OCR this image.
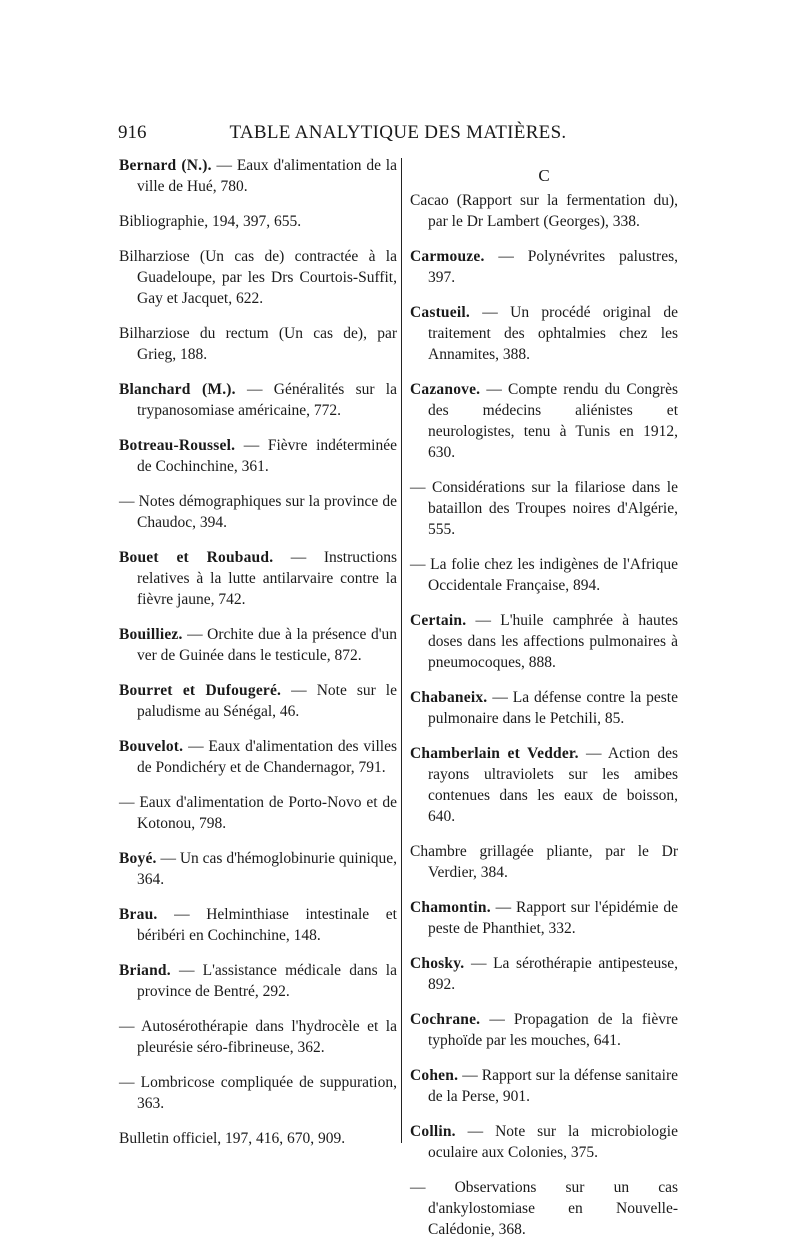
916	TABLE ANALYTIQUE DES MATIÈRES.
Bernard (N.). — Eaux d'alimentation de la ville de Hué, 780.
Bibliographie, 194, 397, 655.
Bilharziose (Un cas de) contractée à la Guadeloupe, par les Drs Courtois-Suffit, Gay et Jacquet, 622.
Bilharziose du rectum (Un cas de), par Grieg, 188.
Blanchard (M.). — Généralités sur la trypanosomiase américaine, 772.
Botreau-Roussel. — Fièvre indéterminée de Cochinchine, 361.
— Notes démographiques sur la province de Chaudoc, 394.
Bouet et Roubaud. — Instructions relatives à la lutte antilarvaire contre la fièvre jaune, 742.
Bouilliez. — Orchite due à la présence d'un ver de Guinée dans le testicule, 872.
Bourret et Dufougeré. — Note sur le paludisme au Sénégal, 46.
Bouvelot. — Eaux d'alimentation des villes de Pondichéry et de Chandernagor, 791.
— Eaux d'alimentation de Porto-Novo et de Kotonou, 798.
Boyé. — Un cas d'hémoglobinurie quinique, 364.
Brau. — Helminthiase intestinale et béribéri en Cochinchine, 148.
Briand. — L'assistance médicale dans la province de Bentré, 292.
— Autosérothérapie dans l'hydrocèle et la pleurésie séro-fibrineuse, 362.
— Lombricose compliquée de suppuration, 363.
Bulletin officiel, 197, 416, 670, 909.
C
Cacao (Rapport sur la fermentation du), par le Dr Lambert (Georges), 338.
Carmouze. — Polynévrites palustres, 397.
Castueil. — Un procédé original de traitement des ophtalmies chez les Annamites, 388.
Cazanove. — Compte rendu du Congrès des médecins aliénistes et neurologistes, tenu à Tunis en 1912, 630.
— Considérations sur la filariose dans le bataillon des Troupes noires d'Algérie, 555.
— La folie chez les indigènes de l'Afrique Occidentale Française, 894.
Certain. — L'huile camphrée à hautes doses dans les affections pulmonaires à pneumocoques, 888.
Chabaneix. — La défense contre la peste pulmonaire dans le Petchili, 85.
Chamberlain et Vedder. — Action des rayons ultraviolets sur les amibes contenues dans les eaux de boisson, 640.
Chambre grillagée pliante, par le Dr Verdier, 384.
Chamontin. — Rapport sur l'épidémie de peste de Phanthiet, 332.
Chosky. — La sérothérapie antipesteuse, 892.
Cochrane. — Propagation de la fièvre typhoïde par les mouches, 641.
Cohen. — Rapport sur la défense sanitaire de la Perse, 901.
Collin. — Note sur la microbiologie oculaire aux Colonies, 375.
— Observations sur un cas d'ankylostomiase en Nouvelle-Calédonie, 368.
